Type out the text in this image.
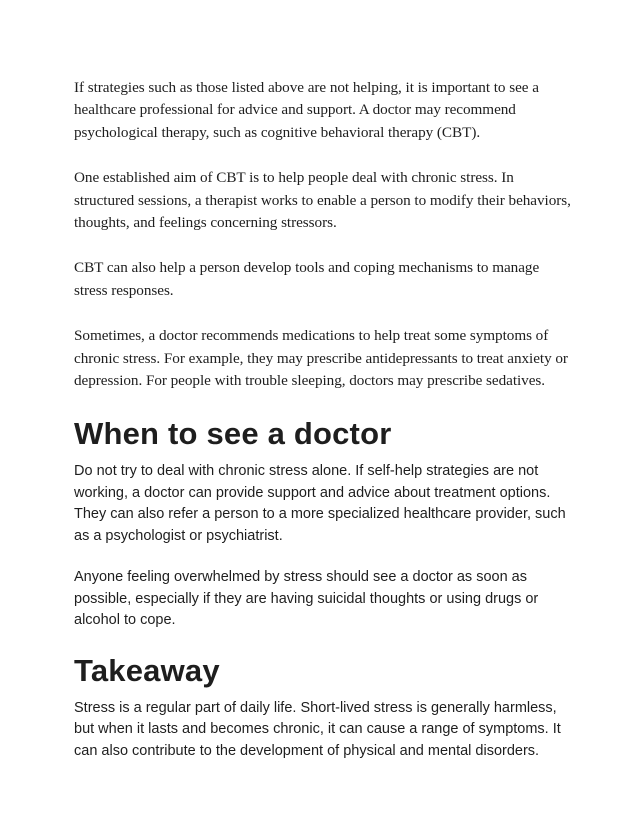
If strategies such as those listed above are not helping, it is important to see a healthcare professional for advice and support. A doctor may recommend psychological therapy, such as cognitive behavioral therapy (CBT).

One established aim of CBT is to help people deal with chronic stress. In structured sessions, a therapist works to enable a person to modify their behaviors, thoughts, and feelings concerning stressors.

CBT can also help a person develop tools and coping mechanisms to manage stress responses.

Sometimes, a doctor recommends medications to help treat some symptoms of chronic stress. For example, they may prescribe antidepressants to treat anxiety or depression. For people with trouble sleeping, doctors may prescribe sedatives.

When to see a doctor

Do not try to deal with chronic stress alone. If self-help strategies are not working, a doctor can provide support and advice about treatment options. They can also refer a person to a more specialized healthcare provider, such as a psychologist or psychiatrist.

Anyone feeling overwhelmed by stress should see a doctor as soon as possible, especially if they are having suicidal thoughts or using drugs or alcohol to cope.

Takeaway

Stress is a regular part of daily life. Short-lived stress is generally harmless, but when it lasts and becomes chronic, it can cause a range of symptoms. It can also contribute to the development of physical and mental disorders.
